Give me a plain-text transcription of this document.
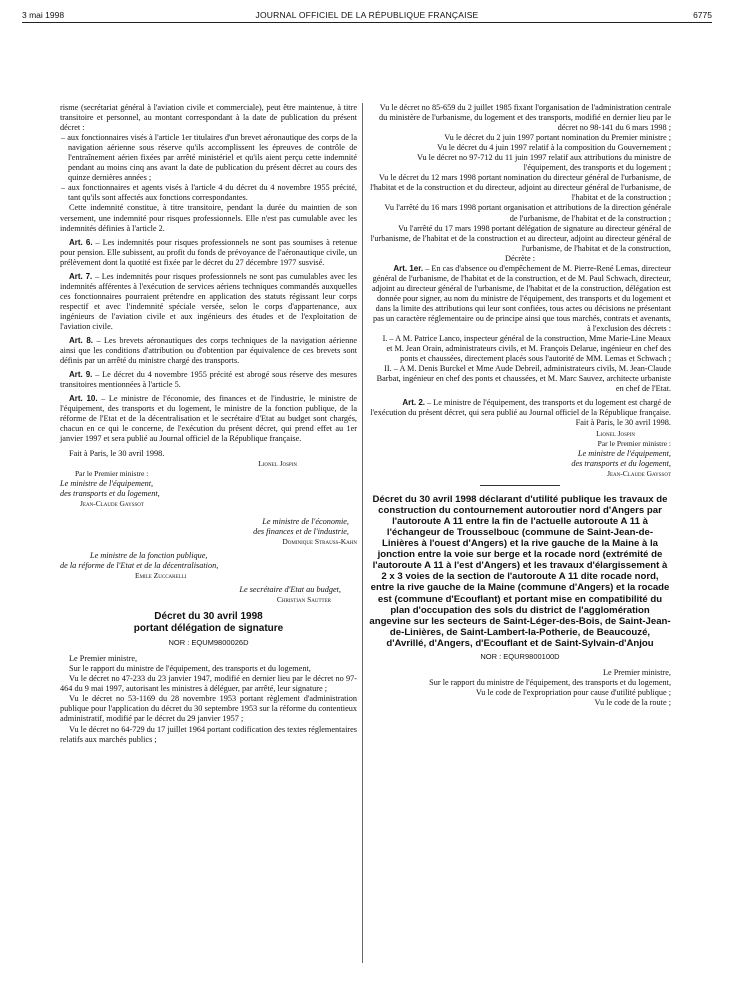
3 mai 1998	JOURNAL OFFICIEL DE LA RÉPUBLIQUE FRANÇAISE	6775

risme (secrétariat général à l'aviation civile et commerciale), peut être maintenue, à titre transitoire et personnel, au montant correspondant à la date de publication du présent décret :

– aux fonctionnaires visés à l'article 1er titulaires d'un brevet aéronautique des corps de la navigation aérienne sous réserve qu'ils accomplissent les épreuves de contrôle de l'entraînement aérien fixées par arrêté ministériel et qu'ils aient perçu cette indemnité pendant au moins cinq ans avant la date de publication du présent décret au cours des quinze dernières années ;
– aux fonctionnaires et agents visés à l'article 4 du décret du 4 novembre 1955 précité, tant qu'ils sont affectés aux fonctions correspondantes.

Cette indemnité constitue, à titre transitoire, pendant la durée du maintien de son versement, une indemnité pour risques professionnels. Elle n'est pas cumulable avec les indemnités définies à l'article 2.

Art. 6. – Les indemnités pour risques professionnels ne sont pas soumises à retenue pour pension. Elle subissent, au profit du fonds de prévoyance de l'aéronautique civile, un prélèvement dont la quotité est fixée par le décret du 27 décembre 1977 susvisé.

Art. 7. – Les indemnités pour risques professionnels ne sont pas cumulables avec les indemnités afférentes à l'exécution de services aériens techniques commandés auxquelles ces fonctionnaires pourraient prétendre en application des statuts régissant leur corps respectif et avec l'indemnité spéciale versée, selon le corps d'appartenance, aux ingénieurs de l'aviation civile et aux ingénieurs des études et de l'exploitation de l'aviation civile.

Art. 8. – Les brevets aéronautiques des corps techniques de la navigation aérienne ainsi que les conditions d'attribution ou d'obtention par équivalence de ces brevets sont définis par un arrêté du ministre chargé des transports.

Art. 9. – Le décret du 4 novembre 1955 précité est abrogé sous réserve des mesures transitoires mentionnées à l'article 5.

Art. 10. – Le ministre de l'économie, des finances et de l'industrie, le ministre de l'équipement, des transports et du logement, le ministre de la fonction publique, de la réforme de l'Etat et de la décentralisation et le secrétaire d'Etat au budget sont chargés, chacun en ce qui le concerne, de l'exécution du présent décret, qui prend effet au 1er janvier 1997 et sera publié au Journal officiel de la République française.

Fait à Paris, le 30 avril 1998.

Lionel Jospin

Par le Premier ministre :

Le ministre de l'équipement,

des transports et du logement,

Jean-Claude Gayssot

Le ministre de l'économie,

des finances et de l'industrie,

Dominique Strauss-Kahn

Le ministre de la fonction publique,

de la réforme de l'Etat et de la décentralisation,

Emile Zuccarelli

Le secrétaire d'Etat au budget,

Christian Sautter

Décret du 30 avril 1998
portant délégation de signature
NOR : EQUM9800026D

Le Premier ministre,

Sur le rapport du ministre de l'équipement, des transports et du logement,

Vu le décret no 47-233 du 23 janvier 1947, modifié en dernier lieu par le décret no 97-464 du 9 mai 1997, autorisant les ministres à déléguer, par arrêté, leur signature ;

Vu le décret no 53-1169 du 28 novembre 1953 portant règlement d'administration publique pour l'application du décret du 30 septembre 1953 sur la réforme du contentieux administratif, modifié par le décret du 29 janvier 1957 ;

Vu le décret no 64-729 du 17 juillet 1964 portant codification des textes réglementaires relatifs aux marchés publics ;

Vu le décret no 85-659 du 2 juillet 1985 fixant l'organisation de l'administration centrale du ministère de l'urbanisme, du logement et des transports, modifié en dernier lieu par le décret no 98-141 du 6 mars 1998 ;

Vu le décret du 2 juin 1997 portant nomination du Premier ministre ;

Vu le décret du 4 juin 1997 relatif à la composition du Gouvernement ;

Vu le décret no 97-712 du 11 juin 1997 relatif aux attributions du ministre de l'équipement, des transports et du logement ;

Vu le décret du 12 mars 1998 portant nomination du directeur général de l'urbanisme, de l'habitat et de la construction et du directeur, adjoint au directeur général de l'urbanisme, de l'habitat et de la construction ;

Vu l'arrêté du 16 mars 1998 portant organisation et attributions de la direction générale de l'urbanisme, de l'habitat et de la construction ;

Vu l'arrêté du 17 mars 1998 portant délégation de signature au directeur général de l'urbanisme, de l'habitat et de la construction et au directeur, adjoint au directeur général de l'urbanisme, de l'habitat et de la construction,

Décrète :

Art. 1er. – En cas d'absence ou d'empêchement de M. Pierre-René Lemas, directeur général de l'urbanisme, de l'habitat et de la construction, et de M. Paul Schwach, directeur, adjoint au directeur général de l'urbanisme, de l'habitat et de la construction, délégation est donnée pour signer, au nom du ministre de l'équipement, des transports et du logement et dans la limite des attributions qui leur sont confiées, tous actes ou décisions ne présentant pas un caractère réglementaire ou de principe ainsi que tous marchés, contrats et avenants, à l'exclusion des décrets :

I. – A M. Patrice Lanco, inspecteur général de la construction, Mme Marie-Line Meaux et M. Jean Orain, administrateurs civils, et M. François Delarue, ingénieur en chef des ponts et chaussées, directement placés sous l'autorité de MM. Lemas et Schwach ;

II. – A M. Denis Burckel et Mme Aude Debreil, administrateurs civils, M. Jean-Claude Barbat, ingénieur en chef des ponts et chaussées, et M. Marc Sauvez, architecte urbaniste en chef de l'Etat.

Art. 2. – Le ministre de l'équipement, des transports et du logement est chargé de l'exécution du présent décret, qui sera publié au Journal officiel de la République française.

Fait à Paris, le 30 avril 1998.

Lionel Jospin

Par le Premier ministre :

Le ministre de l'équipement,

des transports et du logement,

Jean-Claude Gayssot

Décret du 30 avril 1998 déclarant d'utilité publique les travaux de construction du contournement autoroutier nord d'Angers par l'autoroute A 11 entre la fin de l'actuelle autoroute A 11 à l'échangeur de Trousselbouc (commune de Saint-Jean-de-Linières à l'ouest d'Angers) et la rive gauche de la Maine à la jonction entre la voie sur berge et la rocade nord (extrémité de l'autoroute A 11 à l'est d'Angers) et les travaux d'élargissement à 2 x 3 voies de la section de l'autoroute A 11 dite rocade nord, entre la rive gauche de la Maine (commune d'Angers) et la rocade est (commune d'Ecouflant) et portant mise en compatibilité du plan d'occupation des sols du district de l'agglomération angevine sur les secteurs de Saint-Léger-des-Bois, de Saint-Jean-de-Linières, de Saint-Lambert-la-Potherie, de Beaucouzé, d'Avrillé, d'Angers, d'Ecouflant et de Saint-Sylvain-d'Anjou
NOR : EQUR9800100D

Le Premier ministre,

Sur le rapport du ministre de l'équipement, des transports et du logement,

Vu le code de l'expropriation pour cause d'utilité publique ;

Vu le code de la route ;
